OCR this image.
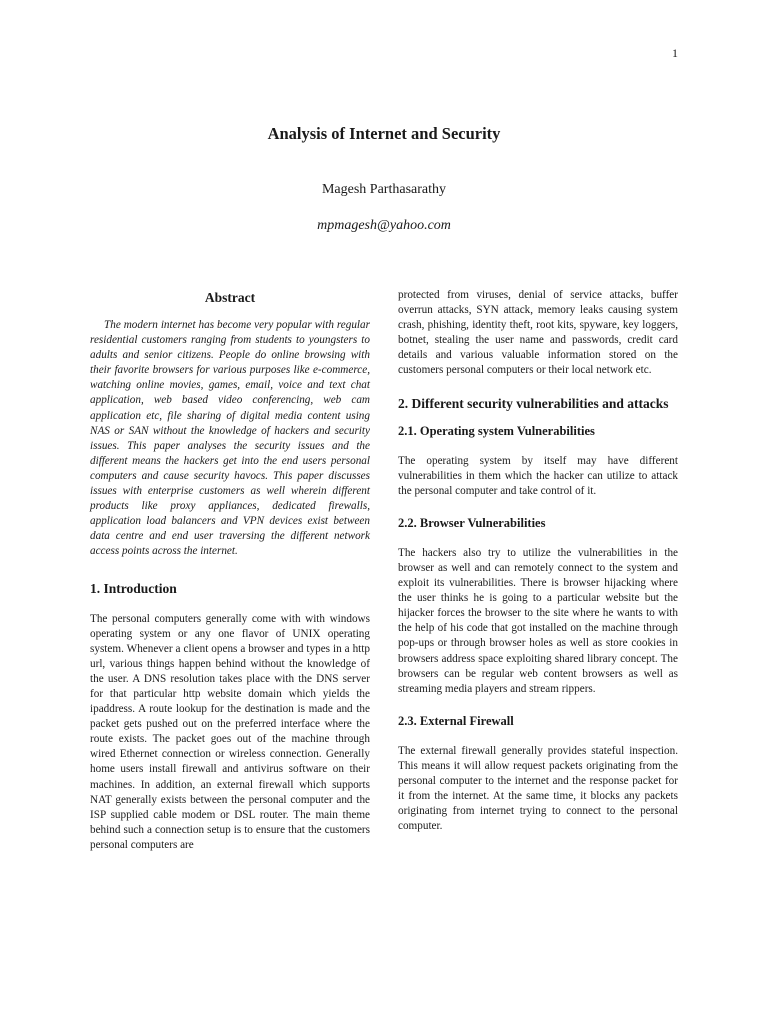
1
Analysis of Internet and Security
Magesh Parthasarathy
mpmagesh@yahoo.com
Abstract

The modern internet has become very popular with regular residential customers ranging from students to youngsters to adults and senior citizens. People do online browsing with their favorite browsers for various purposes like e-commerce, watching online movies, games, email, voice and text chat application, web based video conferencing, web cam application etc, file sharing of digital media content using NAS or SAN without the knowledge of hackers and security issues. This paper analyses the security issues and the different means the hackers get into the end users personal computers and cause security havocs. This paper discusses issues with enterprise customers as well wherein different products like proxy appliances, dedicated firewalls, application load balancers and VPN devices exist between data centre and end user traversing the different network access points across the internet.

1. Introduction

The personal computers generally come with with windows operating system or any one flavor of UNIX operating system. Whenever a client opens a browser and types in a http url, various things happen behind without the knowledge of the user. A DNS resolution takes place with the DNS server for that particular http website domain which yields the ipaddress. A route lookup for the destination is made and the packet gets pushed out on the preferred interface where the route exists. The packet goes out of the machine through wired Ethernet connection or wireless connection. Generally home users install firewall and antivirus software on their machines. In addition, an external firewall which supports NAT generally exists between the personal computer and the ISP supplied cable modem or DSL router. The main theme behind such a connection setup is to ensure that the customers personal computers are

protected from viruses, denial of service attacks, buffer overrun attacks, SYN attack, memory leaks causing system crash, phishing, identity theft, root kits, spyware, key loggers, botnet, stealing the user name and passwords, credit card details and various valuable information stored on the customers personal computers or their local network etc.

2. Different security vulnerabilities and attacks
2.1. Operating system Vulnerabilities

The operating system by itself may have different vulnerabilities in them which the hacker can utilize to attack the personal computer and take control of it.

2.2. Browser Vulnerabilities

The hackers also try to utilize the vulnerabilities in the browser as well and can remotely connect to the system and exploit its vulnerabilities. There is browser hijacking where the user thinks he is going to a particular website but the hijacker forces the browser to the site where he wants to with the help of his code that got installed on the machine through pop-ups or through browser holes as well as store cookies in browsers address space exploiting shared library concept. The browsers can be regular web content browsers as well as streaming media players and stream rippers.

2.3. External Firewall

The external firewall generally provides stateful inspection. This means it will allow request packets originating from the personal computer to the internet and the response packet for it from the internet. At the same time, it blocks any packets originating from internet trying to connect to the personal computer.
